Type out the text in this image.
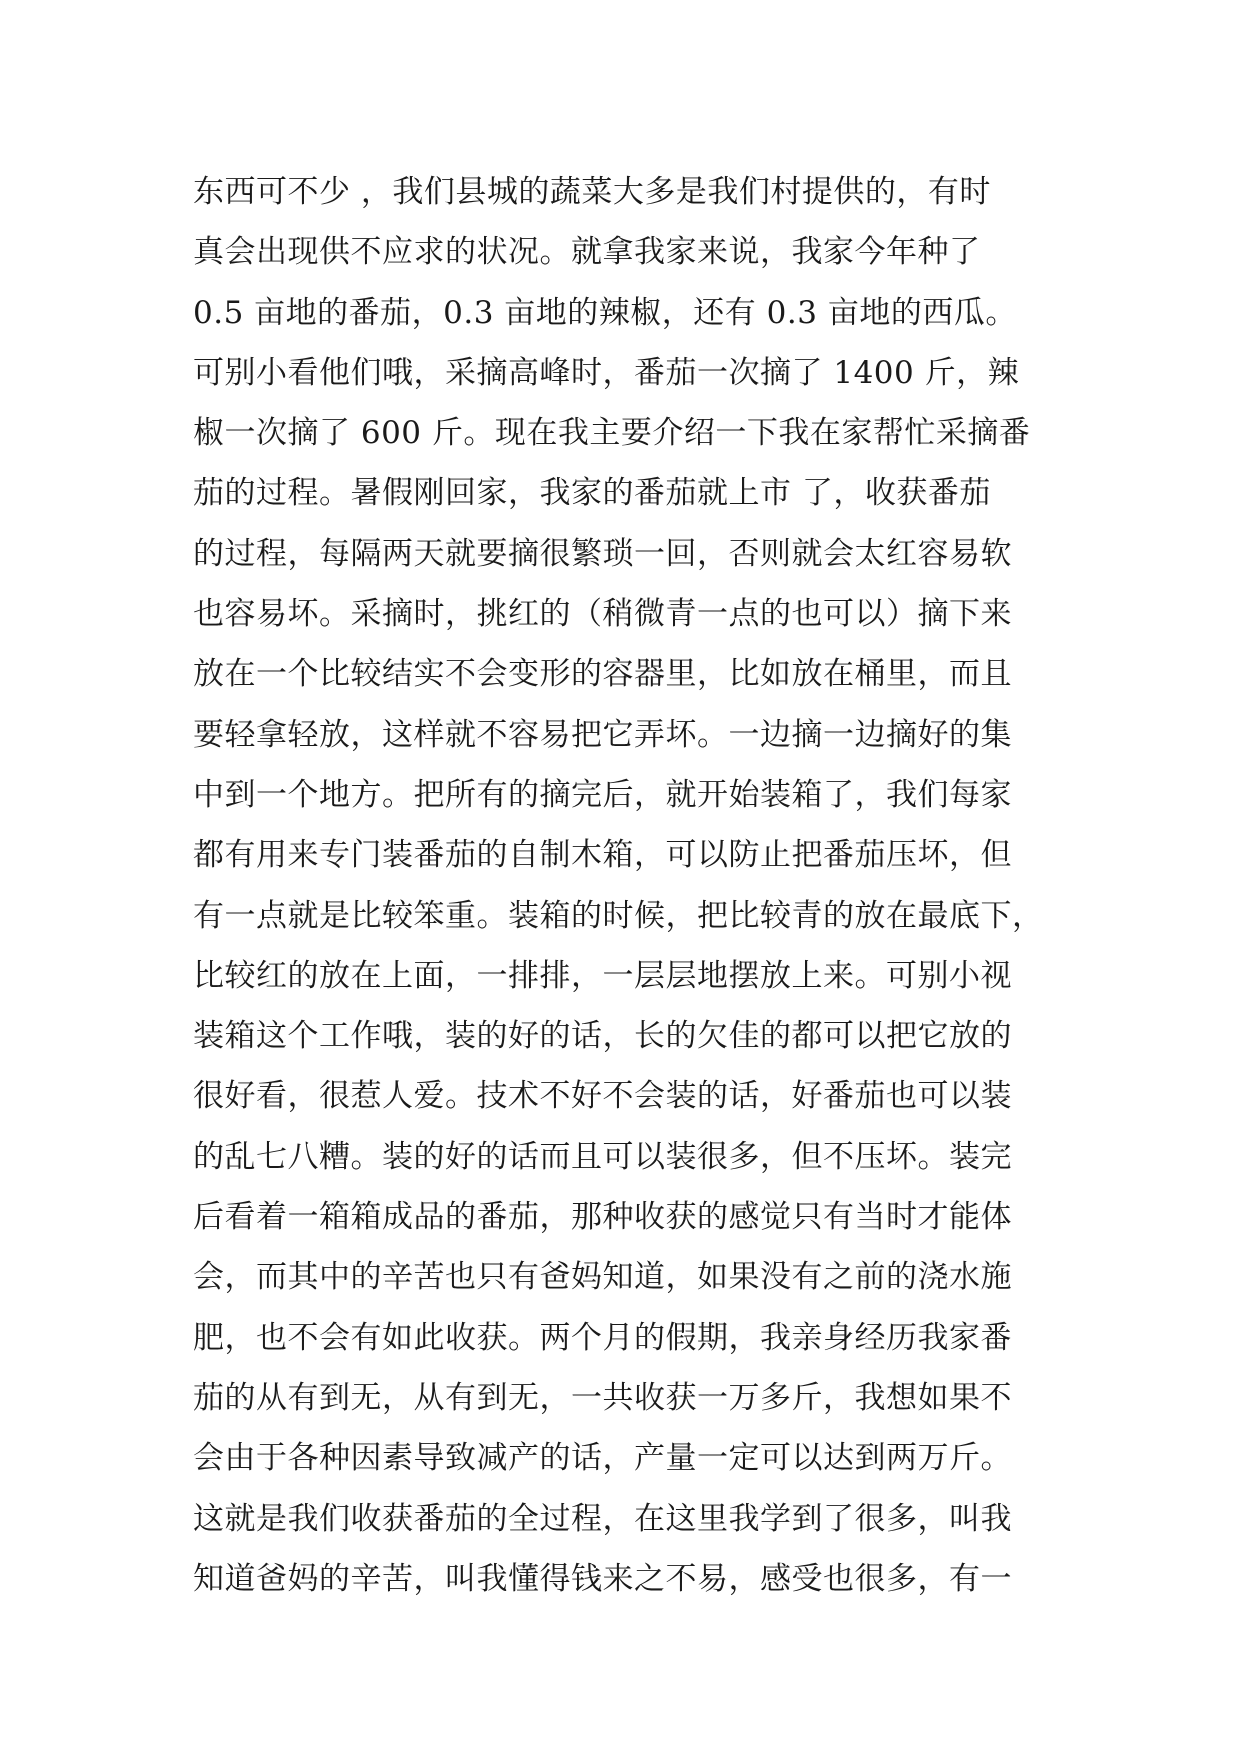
东西可不少 ，我们县城的蔬菜大多是我们村提供的，有时
真会出现供不应求的状况。就拿我家来说，我家今年种了
0.5 亩地的番茄，0.3 亩地的辣椒，还有 0.3 亩地的西瓜。
可别小看他们哦，采摘高峰时，番茄一次摘了 1400 斤，辣
椒一次摘了 600 斤。现在我主要介绍一下我在家帮忙采摘番
茄的过程。暑假刚回家，我家的番茄就上市 了，收获番茄
的过程，每隔两天就要摘很繁琐一回，否则就会太红容易软
也容易坏。采摘时，挑红的（稍微青一点的也可以）摘下来
放在一个比较结实不会变形的容器里，比如放在桶里，而且
要轻拿轻放，这样就不容易把它弄坏。一边摘一边摘好的集
中到一个地方。把所有的摘完后，就开始装箱了，我们每家
都有用来专门装番茄的自制木箱，可以防止把番茄压坏，但
有一点就是比较笨重。装箱的时候，把比较青的放在最底下，
比较红的放在上面，一排排，一层层地摆放上来。可别小视
装箱这个工作哦，装的好的话，长的欠佳的都可以把它放的
很好看，很惹人爱。技术不好不会装的话，好番茄也可以装
的乱七八糟。装的好的话而且可以装很多，但不压坏。装完
后看着一箱箱成品的番茄，那种收获的感觉只有当时才能体
会，而其中的辛苦也只有爸妈知道，如果没有之前的浇水施
肥，也不会有如此收获。两个月的假期，我亲身经历我家番
茄的从有到无，从有到无，一共收获一万多斤，我想如果不
会由于各种因素导致减产的话，产量一定可以达到两万斤。
这就是我们收获番茄的全过程，在这里我学到了很多，叫我
知道爸妈的辛苦，叫我懂得钱来之不易，感受也很多，有一
